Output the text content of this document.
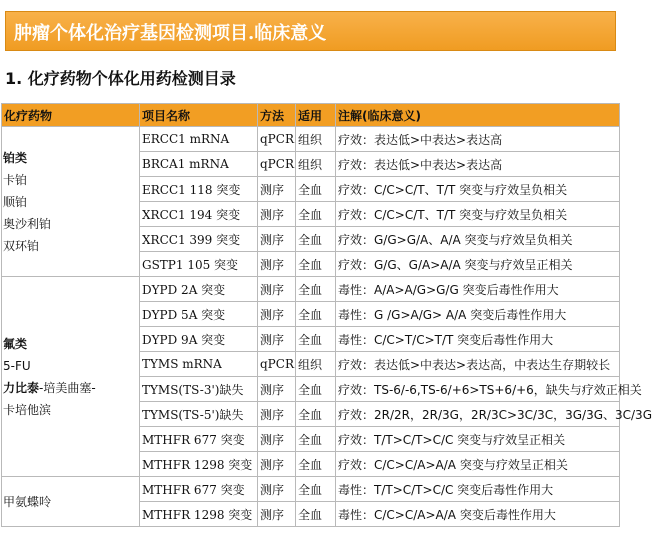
肿瘤个体化治疗基因检测项目.临床意义
1. 化疗药物个体化用药检测目录
化疗药物	项目名称	方法	适用	注解(临床意义)

铂类
卡铂
顺铂
奥沙利铂
双环铂	ERCC1 mRNA	qPCR	组织	疗效：表达低>中表达>表达高
	BRCA1 mRNA	qPCR	组织	疗效：表达低>中表达>表达高
	ERCC1 118 突变	测序	全血	疗效：C/C>C/T、T/T 突变与疗效呈负相关
	XRCC1 194 突变	测序	全血	疗效：C/C>C/T、T/T 突变与疗效呈负相关
	XRCC1 399 突变	测序	全血	疗效：G/G>G/A、A/A 突变与疗效呈负相关
	GSTP1 105 突变	测序	全血	疗效：G/G、G/A>A/A 突变与疗效呈正相关

氟类
5-FU
力比泰-培美曲塞-
卡培他滨	DYPD 2A 突变	测序	全血	毒性：A/A>A/G>G/G 突变后毒性作用大
	DYPD 5A 突变	测序	全血	毒性：G /G>A/G> A/A 突变后毒性作用大
	DYPD 9A 突变	测序	全血	毒性：C/C>T/C>T/T 突变后毒性作用大
	TYMS mRNA	qPCR	组织	疗效：表达低>中表达>表达高，中表达生存期较长
	TYMS(TS-3')缺失	测序	全血	疗效：TS-6/-6,TS-6/+6>TS+6/+6，缺失与疗效正相关
	TYMS(TS-5')缺失	测序	全血	疗效：2R/2R，2R/3G，2R/3C>3C/3C，3G/3G、3C/3G
	MTHFR 677 突变	测序	全血	疗效：T/T>C/T>C/C 突变与疗效呈正相关
	MTHFR 1298 突变	测序	全血	疗效：C/C>C/A>A/A 突变与疗效呈正相关

甲氨蝶呤	MTHFR 677 突变	测序	全血	毒性：T/T>C/T>C/C 突变后毒性作用大
	MTHFR 1298 突变	测序	全血	毒性：C/C>C/A>A/A 突变后毒性作用大
